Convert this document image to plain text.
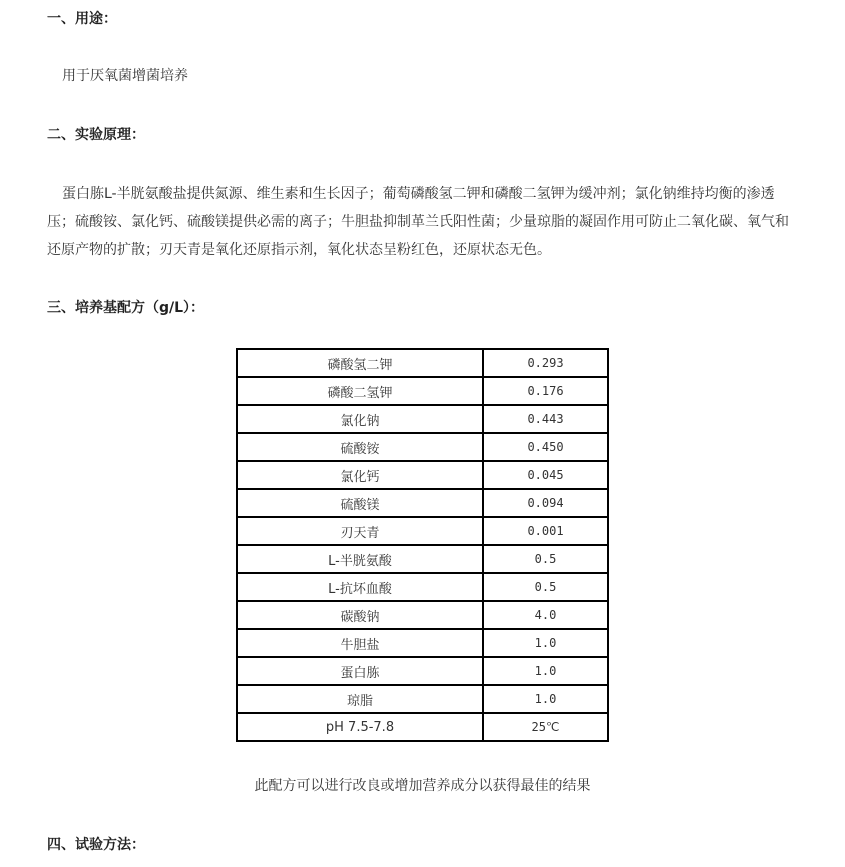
一、用途：

用于厌氧菌增菌培养

二、实验原理：

蛋白胨L-半胱氨酸盐提供氮源、维生素和生长因子；葡萄磷酸氢二钾和磷酸二氢钾为缓冲剂；氯化钠维持均衡的渗透压；硫酸铵、氯化钙、硫酸镁提供必需的离子；牛胆盐抑制革兰氏阳性菌；少量琼脂的凝固作用可防止二氧化碳、氧气和还原产物的扩散；刃天青是氧化还原指示剂，氧化状态呈粉红色，还原状态无色。

三、培养基配方（g/L）：
磷酸氢二钾	0.293
磷酸二氢钾	0.176
氯化钠	0.443
硫酸铵	0.450
氯化钙	0.045
硫酸镁	0.094
刃天青	0.001
L-半胱氨酸	0.5
L-抗坏血酸	0.5
碳酸钠	4.0
牛胆盐	1.0
蛋白胨	1.0
琼脂	1.0
pH 7.5-7.8	25℃

此配方可以进行改良或增加营养成分以获得最佳的结果

四、试验方法：
